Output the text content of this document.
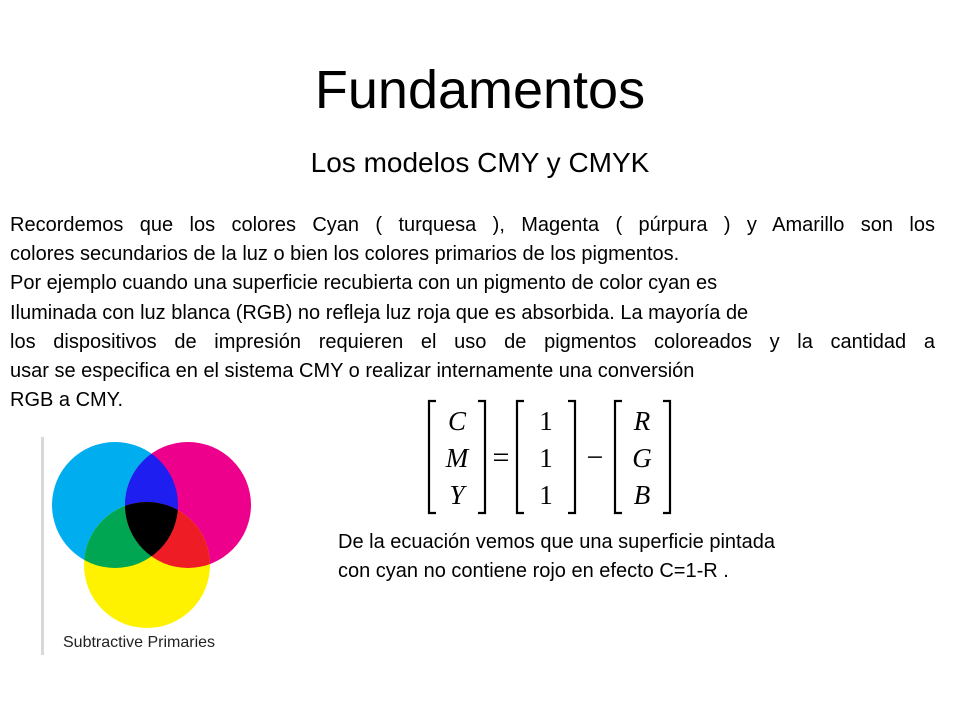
Fundamentos
Los modelos CMY y CMYK
Recordemos que los colores Cyan ( turquesa ), Magenta ( púrpura ) y Amarillo son los
colores secundarios de la luz o bien los colores primarios de los pigmentos.
Por ejemplo cuando una superficie recubierta con un pigmento de color cyan es
Iluminada con luz blanca (RGB) no refleja luz roja que es absorbida. La mayoría de
los dispositivos de impresión requieren el uso de pigmentos coloreados y la cantidad a
usar se especifica en el sistema CMY o realizar internamente una conversión
RGB a CMY.
Subtractive Primaries
C
M
Y
R
G
B
1
1
1
=	−
De la ecuación vemos que una superficie pintada
con cyan no contiene rojo en efecto C=1-R .
